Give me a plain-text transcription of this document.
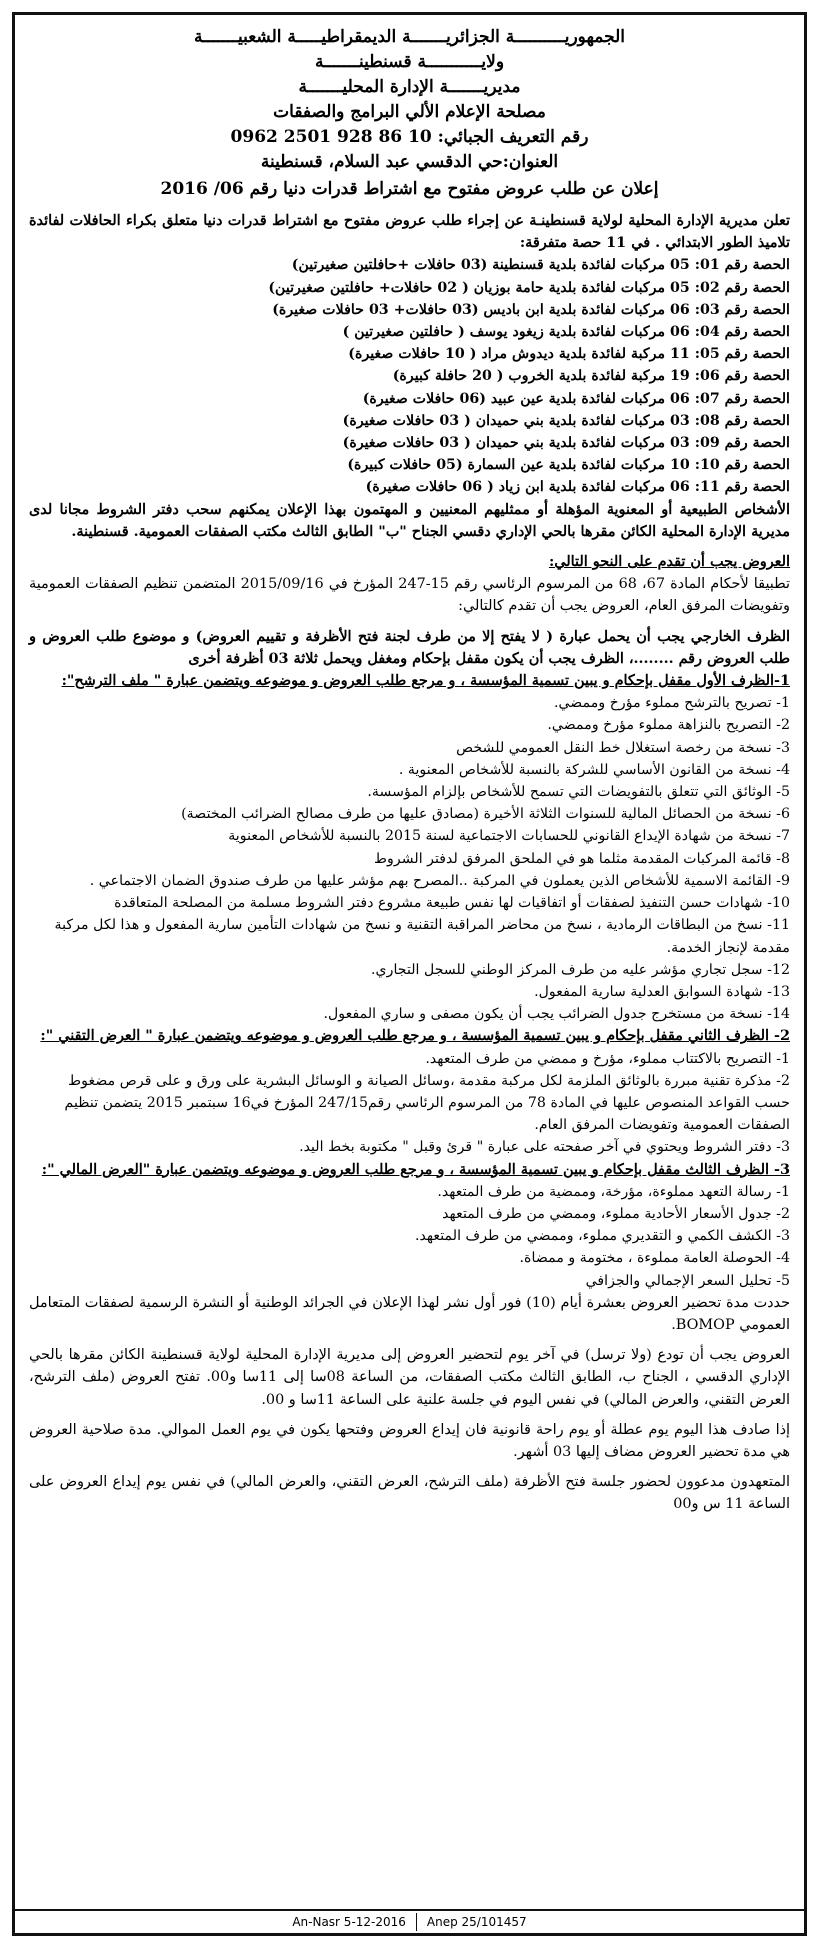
الجمهوريــــــــــة الجزائريـــــــة الديمقراطيـــــة الشعبيـــــــة
ولايـــــــــــة قسنطينـــــــة
مديريـــــــة الإدارة المحليـــــــة
مصلحة الإعلام الألي البرامج والصفقات
رقم التعريف الجبائي: 10 86 928 2501 0962
العنوان:حي الدقسي عبد السلام، قسنطينة
إعلان عن طلب عروض مفتوح مع اشتراط قدرات دنيا رقم 06/ 2016

تعلن مديرية الإدارة المحلية لولاية قسنطينـة عن إجراء طلب عروض مفتوح مع اشتراط قدرات دنيا متعلق بكراء الحافلات لفائدة تلاميذ الطور الابتدائي . في 11 حصة متفرقة:

الحصة رقم 01: 05 مركبات لفائدة بلدية قسنطينة (03 حافلات +حافلتين صغيرتين)
الحصة رقم 02: 05 مركبات لفائدة بلدية حامة بوزيان ( 02 حافلات+ حافلتين صغيرتين)
الحصة رقم 03: 06 مركبات لفائدة بلدية ابن باديس (03 حافلات+ 03 حافلات صغيرة)
الحصة رقم 04: 06 مركبات لفائدة بلدية زيغود يوسف ( حافلتين صغيرتين )
الحصة رقم 05: 11 مركبة لفائدة بلدية ديدوش مراد ( 10 حافلات صغيرة)
الحصة رقم 06: 19 مركبة لفائدة بلدية الخروب ( 20 حافلة كبيرة)
الحصة رقم 07: 06 مركبات لفائدة بلدية عين عبيد (06 حافلات صغيرة)
الحصة رقم 08: 03 مركبات لفائدة بلدية بني حميدان ( 03 حافلات صغيرة)
الحصة رقم 09: 03 مركبات لفائدة بلدية بني حميدان ( 03 حافلات صغيرة)
الحصة رقم 10: 10 مركبات لفائدة بلدية عين السمارة (05 حافلات كبيرة)
الحصة رقم 11: 06 مركبات لفائدة بلدية ابن زياد ( 06 حافلات صغيرة)

الأشخاص الطبيعية أو المعنوية المؤهلة أو ممثليهم المعنيين و المهتمون بهذا الإعلان يمكنهم سحب دفتر الشروط مجانا لدى مديرية الإدارة المحلية الكائن مقرها بالحي الإداري دقسي الجناح "ب" الطابق الثالث مكتب الصفقات العمومية. قسنطينة.

العروض يجب أن تقدم على النحو التالي:

تطبيقا لأحكام المادة 67، 68 من المرسوم الرئاسي رقم 15-247 المؤرخ في 2015/09/16 المتضمن تنظيم الصفقات العمومية وتفويضات المرفق العام، العروض يجب أن تقدم كالتالي:

الظرف الخارجي يجب أن يحمل عبارة ( لا يفتح إلا من طرف لجنة فتح الأظرفة و تقييم العروض) و موضوع طلب العروض و طلب العروض رقم ........، الظرف يجب أن يكون مقفل بإحكام ومغفل ويحمل ثلاثة 03 أظرفة أخرى

1-الظرف الأول مقفل بإحكام و يبين تسمية المؤسسة ، و مرجع طلب العروض و موضوعه ويتضمن عبارة " ملف الترشح":

1- تصريح بالترشح مملوء مؤرخ وممضي.
2- التصريح بالنزاهة مملوء مؤرخ وممضي.
3- نسخة من رخصة استغلال خط النقل العمومي للشخص
4- نسخة من القانون الأساسي للشركة بالنسبة للأشخاص المعنوية .
5- الوثائق التي تتعلق بالتفويضات التي تسمح للأشخاص بإلزام المؤسسة.
6- نسخة من الحصائل المالية للسنوات الثلاثة الأخيرة (مصادق عليها من طرف مصالح الضرائب المختصة)
7- نسخة من شهادة الإيداع القانوني للحسابات الاجتماعية لسنة 2015 بالنسبة للأشخاص المعنوية
8- قائمة المركبات المقدمة مثلما هو في الملحق المرفق لدفتر الشروط
9- القائمة الاسمية للأشخاص الذين يعملون في المركبة ..المصرح بهم مؤشر عليها من طرف صندوق الضمان الاجتماعي .
10- شهادات حسن التنفيذ لصفقات أو اتفاقيات لها نفس طبيعة مشروع دفتر الشروط مسلمة من المصلحة المتعاقدة
11- نسخ من البطاقات الرمادية ، نسخ من محاضر المراقبة التقنية و نسخ من شهادات التأمين سارية المفعول و هذا لكل مركبة مقدمة لإنجاز الخدمة.
12- سجل تجاري مؤشر عليه من طرف المركز الوطني للسجل التجاري.
13- شهادة السوابق العدلية سارية المفعول.
14- نسخة من مستخرج جدول الضرائب يجب أن يكون مصفى و ساري المفعول.

2- الظرف الثاني مقفل بإحكام و يبين تسمية المؤسسة ، و مرجع طلب العروض و موضوعه ويتضمن عبارة " العرض التقني ":

1- التصريح بالاكتتاب مملوء، مؤرخ و ممضي من طرف المتعهد.
2- مذكرة تقنية مبررة بالوثائق الملزمة لكل مركبة مقدمة ،وسائل الصيانة و الوسائل البشرية على ورق و على قرص مضغوط حسب القواعد المنصوص عليها في المادة 78 من المرسوم الرئاسي رقم247/15 المؤرخ في16 سبتمبر 2015 يتضمن تنظيم الصفقات العمومية وتفويضات المرفق العام.
3- دفتر الشروط ويحتوي في آخر صفحته على عبارة " قرئ وقبل " مكتوبة بخط اليد.

3- الظرف الثالث مقفل بإحكام و يبين تسمية المؤسسة ، و مرجع طلب العروض و موضوعه ويتضمن عبارة "العرض المالي ":

1- رسالة التعهد مملوءة، مؤرخة، وممضية من طرف المتعهد.
2- جدول الأسعار الأحادية مملوء، وممضي من طرف المتعهد
3- الكشف الكمي و التقديري مملوء، وممضي من طرف المتعهد.
4- الحوصلة العامة مملوءة ، مختومة و ممضاة.
5- تحليل السعر الإجمالي والجزافي

حددت مدة تحضير العروض بعشرة أيام (10) فور أول نشر لهذا الإعلان في الجرائد الوطنية أو النشرة الرسمية لصفقات المتعامل العمومي BOMOP.

العروض يجب أن تودع (ولا ترسل) في آخر يوم لتحضير العروض إلى مديرية الإدارة المحلية لولاية قسنطينة الكائن مقرها بالحي الإداري الدقسي ، الجناح ب، الطابق الثالث مكتب الصفقات، من الساعة 08سا إلى 11سا و00. تفتح العروض (ملف الترشح، العرض التقني، والعرض المالي) في نفس اليوم في جلسة علنية على الساعة 11سا و 00.

إذا صادف هذا اليوم يوم عطلة أو يوم راحة قانونية فان إيداع العروض وفتحها يكون في يوم العمل الموالي. مدة صلاحية العروض هي مدة تحضير العروض مضاف إليها 03 أشهر.

المتعهدون مدعوون لحضور جلسة فتح الأظرفة (ملف الترشح، العرض التقني، والعرض المالي) في نفس يوم إيداع العروض على الساعة 11 س و00

An-Nasr 5-12-2016 Anep 25/101457
